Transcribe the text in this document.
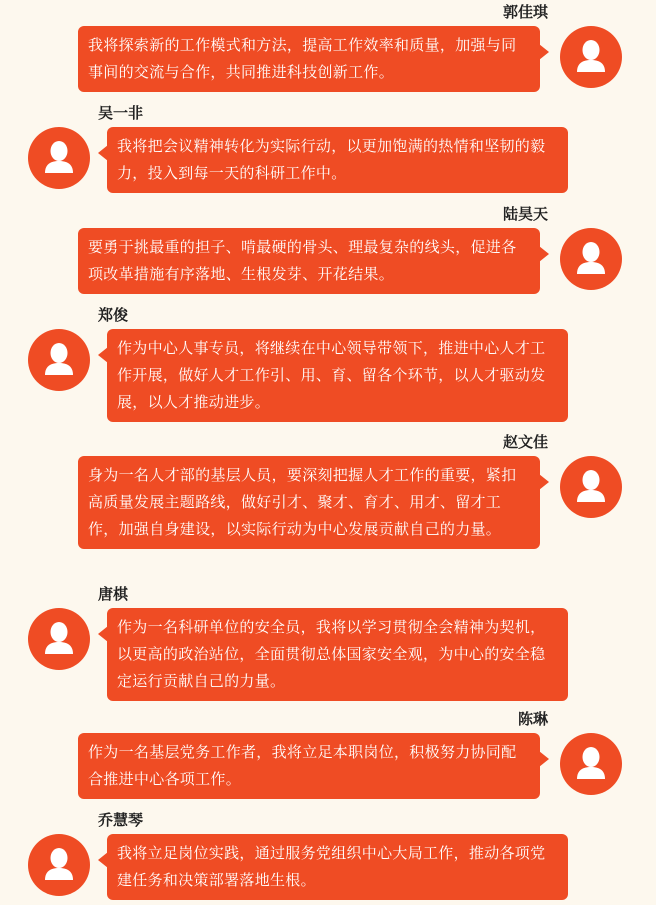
郭佳琪
我将探索新的工作模式和方法，提高工作效率和质量，加强与同事间的交流与合作，共同推进科技创新工作。
吴一非
我将把会议精神转化为实际行动，以更加饱满的热情和坚韧的毅力，投入到每一天的科研工作中。
陆昊天
要勇于挑最重的担子、啃最硬的骨头、理最复杂的线头，促进各项改革措施有序落地、生根发芽、开花结果。
郑俊
作为中心人事专员，将继续在中心领导带领下，推进中心人才工作开展，做好人才工作引、用、育、留各个环节，以人才驱动发展，以人才推动进步。
赵文佳
身为一名人才部的基层人员，要深刻把握人才工作的重要，紧扣高质量发展主题路线，做好引才、聚才、育才、用才、留才工作，加强自身建设，以实际行动为中心发展贡献自己的力量。
唐棋
作为一名科研单位的安全员，我将以学习贯彻全会精神为契机，以更高的政治站位，全面贯彻总体国家安全观，为中心的安全稳定运行贡献自己的力量。
陈琳
作为一名基层党务工作者，我将立足本职岗位，积极努力协同配合推进中心各项工作。
乔慧琴
我将立足岗位实践，通过服务党组织中心大局工作，推动各项党建任务和决策部署落地生根。
